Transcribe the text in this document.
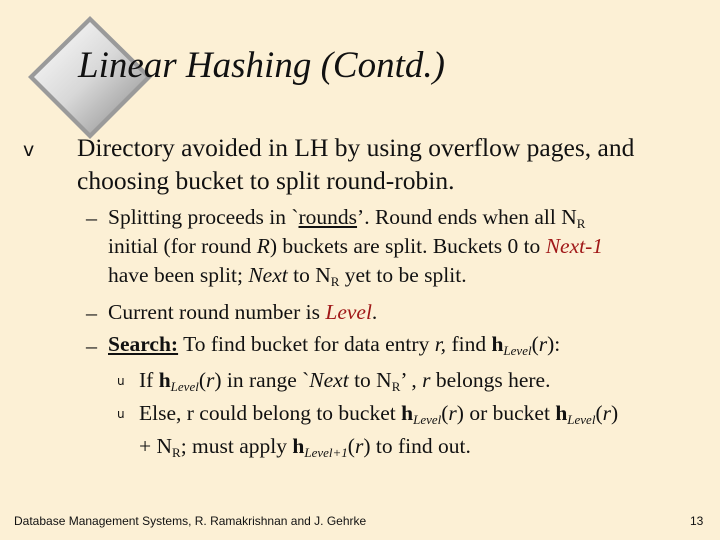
Linear Hashing (Contd.)
v Directory avoided in LH by using overflow pages, and choosing bucket to split round-robin.
– Splitting proceeds in `rounds’. Round ends when all $N_R$
initial (for round R) buckets are split. Buckets 0 to Next-1
have been split; Next to $N_R$ yet to be split.
– Current round number is Level.
– Search: To find bucket for data entry r, find $h_{Level}(r)$:
u If $h_{Level}(r)$ in range `Next to $N_R$’ , r belongs here.
u Else, r could belong to bucket $h_{Level}(r)$ or bucket $h_{Level}(r)$
+ $N_R$; must apply $h_{Level+1}(r)$ to find out.
Database Management Systems, R. Ramakrishnan and J. Gehrke	13
